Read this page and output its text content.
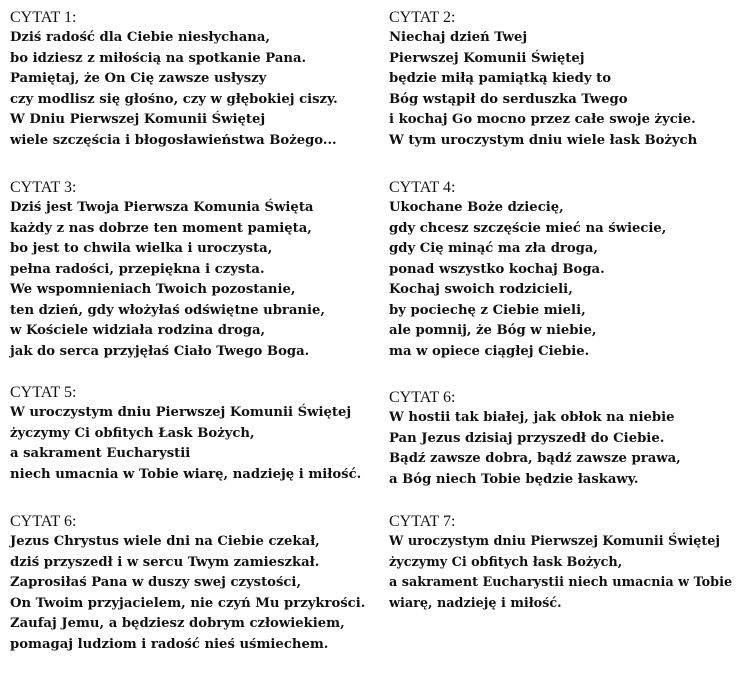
CYTAT 1:
Dziś radość dla Ciebie niesłychana,
bo idziesz z miłością na spotkanie Pana.
Pamiętaj, że On Cię zawsze usłyszy
czy modlisz się głośno, czy w głębokiej ciszy.
W Dniu Pierwszej Komunii Świętej
wiele szczęścia i błogosławieństwa Bożego...
CYTAT 2:
Niechaj dzień Twej
Pierwszej Komunii Świętej
będzie miłą pamiątką kiedy to
Bóg wstąpił do serduszka Twego
i kochaj Go mocno przez całe swoje życie.
W tym uroczystym dniu wiele łask Bożych
CYTAT 3:
Dziś jest Twoja Pierwsza Komunia Święta
każdy z nas dobrze ten moment pamięta,
bo jest to chwila wielka i uroczysta,
pełna radości, przepiękna i czysta.
We wspomnieniach Twoich pozostanie,
ten dzień, gdy włożyłaś odświętne ubranie,
w Kościele widziała rodzina droga,
jak do serca przyjęłaś Ciało Twego Boga.
CYTAT 4:
Ukochane Boże dziecię,
gdy chcesz szczęście mieć na świecie,
gdy Cię minąć ma zła droga,
ponad wszystko kochaj Boga.
Kochaj swoich rodzicieli,
by pociechę z Ciebie mieli,
ale pomnij, że Bóg w niebie,
ma w opiece ciągłej Ciebie.
CYTAT 5:
W uroczystym dniu Pierwszej Komunii Świętej
życzymy Ci obfitych Łask Bożych,
a sakrament Eucharystii
niech umacnia w Tobie wiarę, nadzieję i miłość.
CYTAT 6:
W hostii tak białej, jak obłok na niebie
Pan Jezus dzisiaj przyszedł do Ciebie.
Bądź zawsze dobra, bądź zawsze prawa,
a Bóg niech Tobie będzie łaskawy.
CYTAT 6:
Jezus Chrystus wiele dni na Ciebie czekał,
dziś przyszedł i w sercu Twym zamieszkał.
Zaprosiłaś Pana w duszy swej czystości,
On Twoim przyjacielem, nie czyń Mu przykrości.
Zaufaj Jemu, a będziesz dobrym człowiekiem,
pomagaj ludziom i radość nieś uśmiechem.
CYTAT 7:
W uroczystym dniu Pierwszej Komunii Świętej
życzymy Ci obfitych łask Bożych,
a sakrament Eucharystii niech umacnia w Tobie
wiarę, nadzieję i miłość.
